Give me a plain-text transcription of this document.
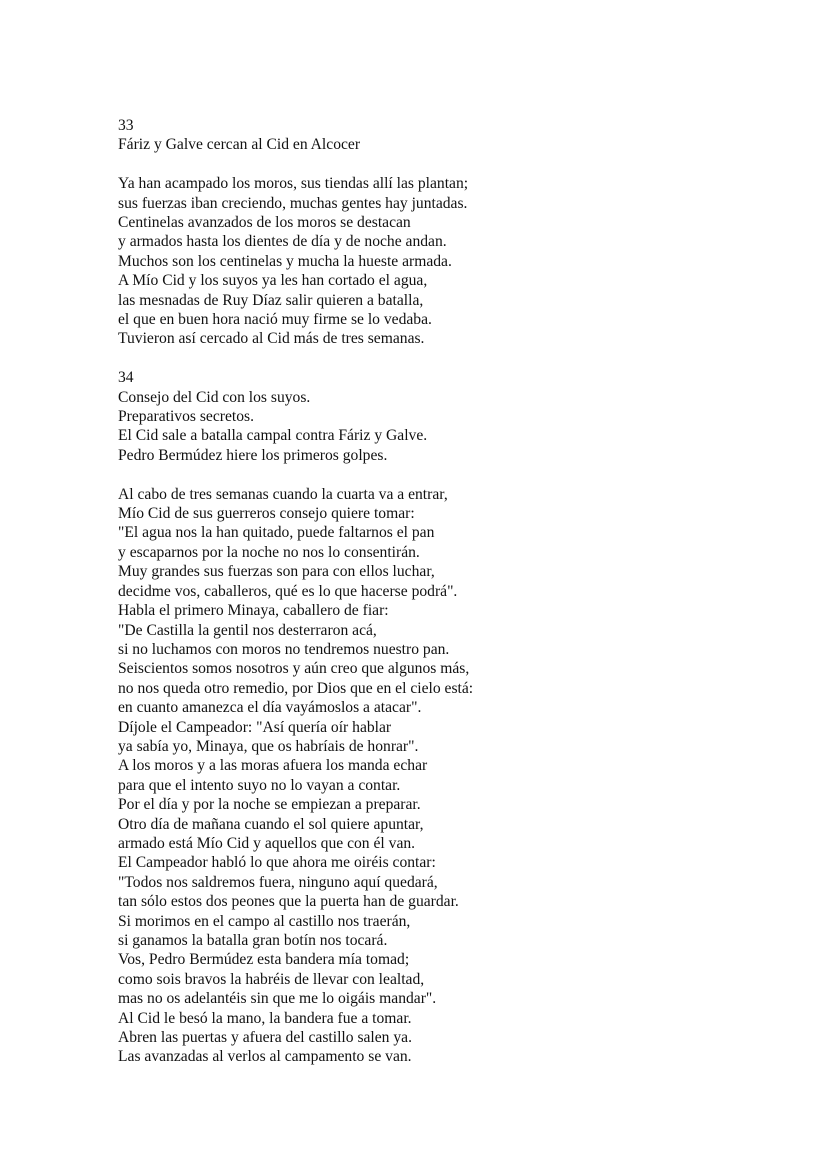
33
Fáriz y Galve cercan al Cid en Alcocer
Ya han acampado los moros, sus tiendas allí las plantan;
sus fuerzas iban creciendo, muchas gentes hay juntadas.
Centinelas avanzados de los moros se destacan
y armados hasta los dientes de día y de noche andan.
Muchos son los centinelas y mucha la hueste armada.
A Mío Cid y los suyos ya les han cortado el agua,
las mesnadas de Ruy Díaz salir quieren a batalla,
el que en buen hora nació muy firme se lo vedaba.
Tuvieron así cercado al Cid más de tres semanas.
34
Consejo del Cid con los suyos.
Preparativos secretos.
El Cid sale a batalla campal contra Fáriz y Galve.
Pedro Bermúdez hiere los primeros golpes.
Al cabo de tres semanas cuando la cuarta va a entrar,
Mío Cid de sus guerreros consejo quiere tomar:
"El agua nos la han quitado, puede faltarnos el pan
y escaparnos por la noche no nos lo consentirán.
Muy grandes sus fuerzas son para con ellos luchar,
decidme vos, caballeros, qué es lo que hacerse podrá".
Habla el primero Minaya, caballero de fiar:
"De Castilla la gentil nos desterraron acá,
si no luchamos con moros no tendremos nuestro pan.
Seiscientos somos nosotros y aún creo que algunos más,
no nos queda otro remedio, por Dios que en el cielo está:
en cuanto amanezca el día vayámoslos a atacar".
Díjole el Campeador: "Así quería oír hablar
ya sabía yo, Minaya, que os habríais de honrar".
A los moros y a las moras afuera los manda echar
para que el intento suyo no lo vayan a contar.
Por el día y por la noche se empiezan a preparar.
Otro día de mañana cuando el sol quiere apuntar,
armado está Mío Cid y aquellos que con él van.
El Campeador habló lo que ahora me oiréis contar:
"Todos nos saldremos fuera, ninguno aquí quedará,
tan sólo estos dos peones que la puerta han de guardar.
Si morimos en el campo al castillo nos traerán,
si ganamos la batalla gran botín nos tocará.
Vos, Pedro Bermúdez esta bandera mía tomad;
como sois bravos la habréis de llevar con lealtad,
mas no os adelantéis sin que me lo oigáis mandar".
Al Cid le besó la mano, la bandera fue a tomar.
Abren las puertas y afuera del castillo salen ya.
Las avanzadas al verlos al campamento se van.
